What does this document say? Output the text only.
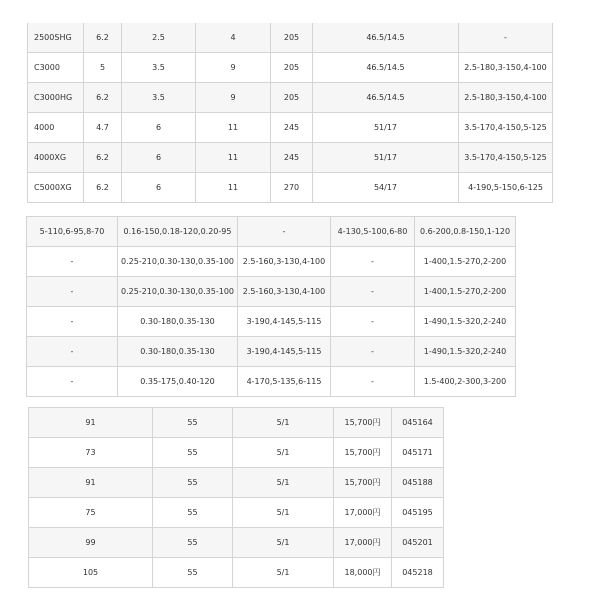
2500SHG	6.2	2.5	4	205	46.5/14.5	-
C3000	5	3.5	9	205	46.5/14.5	2.5-180,3-150,4-100
C3000HG	6.2	3.5	9	205	46.5/14.5	2.5-180,3-150,4-100
4000	4.7	6	11	245	51/17	3.5-170,4-150,5-125
4000XG	6.2	6	11	245	51/17	3.5-170,4-150,5-125
C5000XG	6.2	6	11	270	54/17	4-190,5-150,6-125
5-110,6-95,8-70	0.16-150,0.18-120,0.20-95	-	4-130,5-100,6-80	0.6-200,0.8-150,1-120
-	0.25-210,0.30-130,0.35-100	2.5-160,3-130,4-100	-	1-400,1.5-270,2-200
-	0.25-210,0.30-130,0.35-100	2.5-160,3-130,4-100	-	1-400,1.5-270,2-200
-	0.30-180,0.35-130	3-190,4-145,5-115	-	1-490,1.5-320,2-240
-	0.30-180,0.35-130	3-190,4-145,5-115	-	1-490,1.5-320,2-240
-	0.35-175,0.40-120	4-170,5-135,6-115	-	1.5-400,2-300,3-200
91	55	5/1	15,700円	045164
73	55	5/1	15,700円	045171
91	55	5/1	15,700円	045188
75	55	5/1	17,000円	045195
99	55	5/1	17,000円	045201
105	55	5/1	18,000円	045218
